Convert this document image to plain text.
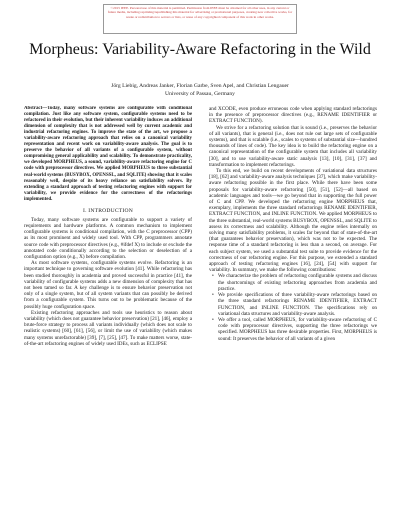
©2015 IEEE. Personal use of this material is permitted. Permission from IEEE must be obtained for all other uses, in any current or future media, including reprinting/republishing this material for advertising or promotional purposes, creating new collective works, for resale or redistribution to servers or lists, or reuse of any copyrighted component of this work in other works.
Morpheus: Variability-Aware Refactoring in the Wild
Jörg Liebig, Andreas Janker, Florian Garbe, Sven Apel, and Christian Lengauer
University of Passau, Germany

Abstract—Today, many software systems are configurable with conditional compilation. Just like any software system, configurable systems need to be refactored in their evolution, but their inherent variability induces an additional dimension of complexity that is not addressed well by current academic and industrial refactoring engines. To improve the state of the art, we propose a variability-aware refactoring approach that relies on a canonical variability representation and recent work on variability-aware analysis. The goal is to preserve the behavior of all variants of a configurable system, without compromising general applicability and scalability. To demonstrate practicality, we developed MORPHEUS, a sound, variability-aware refactoring engine for C code with preprocessor directives. We applied MORPHEUS to three substantial real-world systems (BUSYBOX, OPENSSL, and SQLITE) showing that it scales reasonably well, despite of its heavy reliance on satisfiability solvers. By extending a standard approach of testing refactoring engines with support for variability, we provide evidence for the correctness of the refactorings implemented.

I. INTRODUCTION

Today, many software systems are configurable to support a variety of requirements and hardware platforms. A common mechanism to implement configurable systems is conditional compilation, with the C preprocessor (CPP) as its most prominent and widely used tool. With CPP, programmers annotate source code with preprocessor directives (e.g., #ifdef X) to include or exclude the annotated code conditionally according to the selection or deselection of a configuration option (e.g., X) before compilation.

As most software systems, configurable systems evolve. Refactoring is an important technique to governing software evolution [41]. While refactoring has been studied thoroughly in academia and proved successful in practice [41], the variability of configurable systems adds a new dimension of complexity that has not been tamed so far. A key challenge is to ensure behavior preservation not only of a single system, but of all system variants that can possibly be derived from a configurable system. This turns out to be problematic because of the possibly huge configuration space.

Existing refactoring approaches and tools use heuristics to reason about variability (which does not guarantee behavior preservation) [21], [46], employ a brute-force strategy to process all variants individually (which does not scale to realistic systems) [60], [61], [56], or limit the use of variability (which makes many systems unrefactorable) [39], [7], [25], [47]. To make matters worse, state-of-the-art refactoring engines of widely used IDEs, such as ECLIPSE

and XCODE, even produce erroneous code when applying standard refactorings in the presence of preprocessor directives (e.g., RENAME IDENTIFIER or EXTRACT FUNCTION).

We strive for a refactoring solution that is sound (i.e., preserves the behavior of all variants), that is general (i.e., does not rule out large sets of configurable systems), and that is scalable (i.e., scales to systems of substantial size—hundred thousands of lines of code). The key idea is to build the refactoring engine on a canonical representation of the configurable system that includes all variability [30], and to use variability-aware static analysis [13], [10], [31], [37] and transformation to implement refactorings.

To this end, we build on recent developments of variational data structures [18], [62] and variability-aware analysis techniques [37], which make variability-aware refactoring possible in the first place. While there have been some proposals for variability-aware refactoring [50], [51], [52]—all based on academic languages and tools—we go beyond that in supporting the full power of C and CPP. We developed the refactoring engine MORPHEUS that, exemplary, implements the three standard refactorings RENAME IDENTIFIER, EXTRACT FUNCTION, and INLINE FUNCTION. We applied MORPHEUS to the three substantial, real-world systems BUSYBOX, OPENSSL, and SQLITE to assess its correctness and scalability. Although the engine relies internally on solving many satisfiability problems, it scales far beyond that of state-of-the-art (that guarantees behavior preservation), which was not to be expected. The response time of a standard refactoring is less than a second, on average. For each subject system, we used a substantial test suite to provide evidence for the correctness of our refactoring engine. For this purpose, we extended a standard approach of testing refactoring engines [16], [24], [54] with support for variability. In summary, we make the following contributions:

• We characterize the problem of refactoring configurable systems and discuss the shortcomings of existing refactoring approaches from academia and practice.
• We provide specifications of three variability-aware refactorings based on the three standard refactorings RENAME IDENTIFIER, EXTRACT FUNCTION, and INLINE FUNCTION. The specifications rely on variational data structures and variability-aware analysis.
• We offer a tool, called MORPHEUS, for variability-aware refactoring of C code with preprocessor directives, supporting the three refactorings we specified. MORPHEUS has three desirable properties. First, MORPHEUS is sound: It preserves the behavior of all variants of a given
